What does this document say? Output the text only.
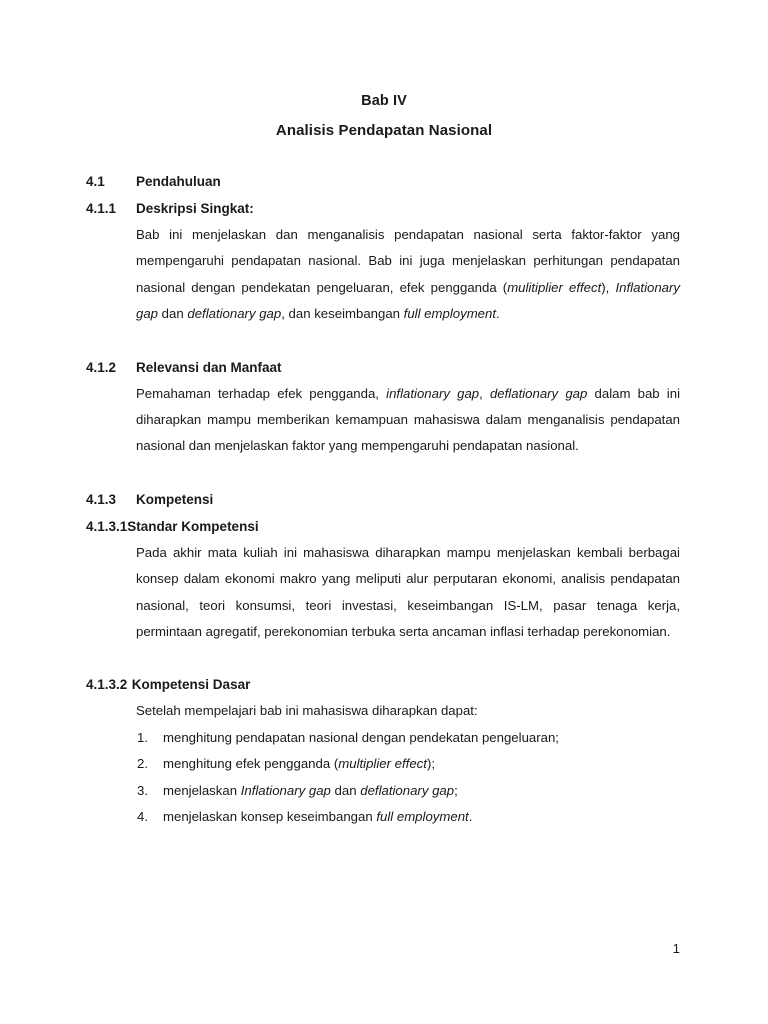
Bab IV
Analisis Pendapatan Nasional
4.1	Pendahuluan
4.1.1	Deskripsi Singkat:
Bab ini menjelaskan dan menganalisis pendapatan nasional serta faktor-faktor yang mempengaruhi pendapatan nasional. Bab ini juga menjelaskan perhitungan pendapatan nasional dengan pendekatan pengeluaran, efek pengganda (mulitiplier effect), Inflationary gap dan deflationary gap, dan keseimbangan full employment.
4.1.2	Relevansi dan Manfaat
Pemahaman terhadap efek pengganda, inflationary gap, deflationary gap dalam bab ini diharapkan mampu memberikan kemampuan mahasiswa dalam menganalisis pendapatan nasional dan menjelaskan faktor yang mempengaruhi pendapatan nasional.
4.1.3	Kompetensi
4.1.3.1 Standar Kompetensi
Pada akhir mata kuliah ini mahasiswa diharapkan mampu menjelaskan kembali berbagai konsep dalam ekonomi makro yang meliputi alur perputaran ekonomi, analisis pendapatan nasional, teori konsumsi, teori investasi, keseimbangan IS-LM, pasar tenaga kerja, permintaan agregatif, perekonomian terbuka serta ancaman inflasi terhadap perekonomian.
4.1.3.2 Kompetensi Dasar
Setelah mempelajari bab ini mahasiswa diharapkan dapat:
1.	menghitung pendapatan nasional dengan pendekatan pengeluaran;
2.	menghitung efek pengganda (multiplier effect);
3.	menjelaskan Inflationary gap dan deflationary gap;
4.	menjelaskan konsep keseimbangan full employment.
1
